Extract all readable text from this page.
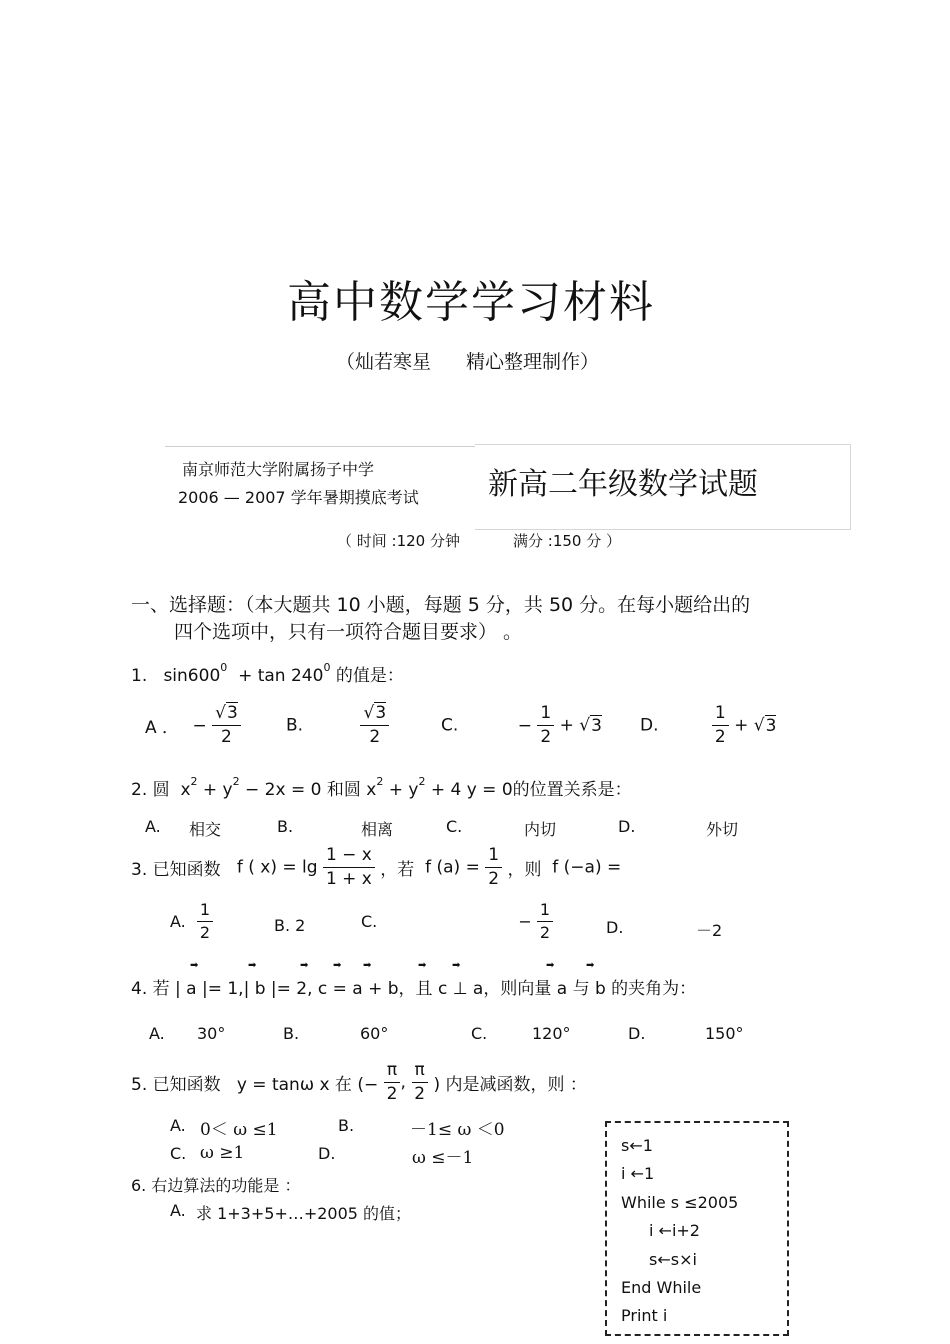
高中数学学习材料
（灿若寒星 精心整理制作）
南京师范大学附属扬子中学
2006 — 2007 学年暑期摸底考试 新高二年级数学试题
（ 时间 :120 分钟	满分 :150 分 ）
一、选择题：（本大题共 10 小题，每题 5 分，共 50 分。在每小题给出的
四个选项中，只有一项符合题目要求） 。
1. $\sin 600^0 + \tan 240^0$ 的值是：
A ． − $\frac{√3}{2}$	B.	$\frac{√3}{2}$	C.	− $\frac{1}{2} + √3$ D.	$\frac{1}{2} + √3$
2. 圆 $x^2 + y^2 - 2x = 0$ 和圆 $x^2 + y^2 + 4$ y = 0的位置关系是：
A. 相交	B.	相离	C.	内切	D.	外切
3. 已知函数 f ( $x) = \lg \frac{1 - x}{1 + x}$ ，若 f $(a) = \frac{1}{2}$ ，则 f (−a) =
A. $\frac{1}{2}$	B. 2	C.	− $\frac{1}{2}$	D.	－2
4. 若 | a |= 1,| b |= 2, c = a + b，且 c ⊥ a，则向量 a 与 b 的夹角为：
➡	➡	➡ ➡ ➡	➡	➡	➡	➡
A. 30°	B.	60°	C.	120°	D.	150°
5. 已知函数 y = tanω x 在 (− $\frac{\pi}{2}$ , $\frac{\pi}{2}$ ) 内是减函数，则 ：
A. 0＜ ω ≤1	B.	－1≤ ω ＜0
C. ω ≥1	D.	ω ≤－1
6. 右边算法的功能是 ：
A. 求 1+3+5+…+2005 的值；
s←1
i ←1
While s ≤2005
i ←i+2
s←s×i
End While
Print i
